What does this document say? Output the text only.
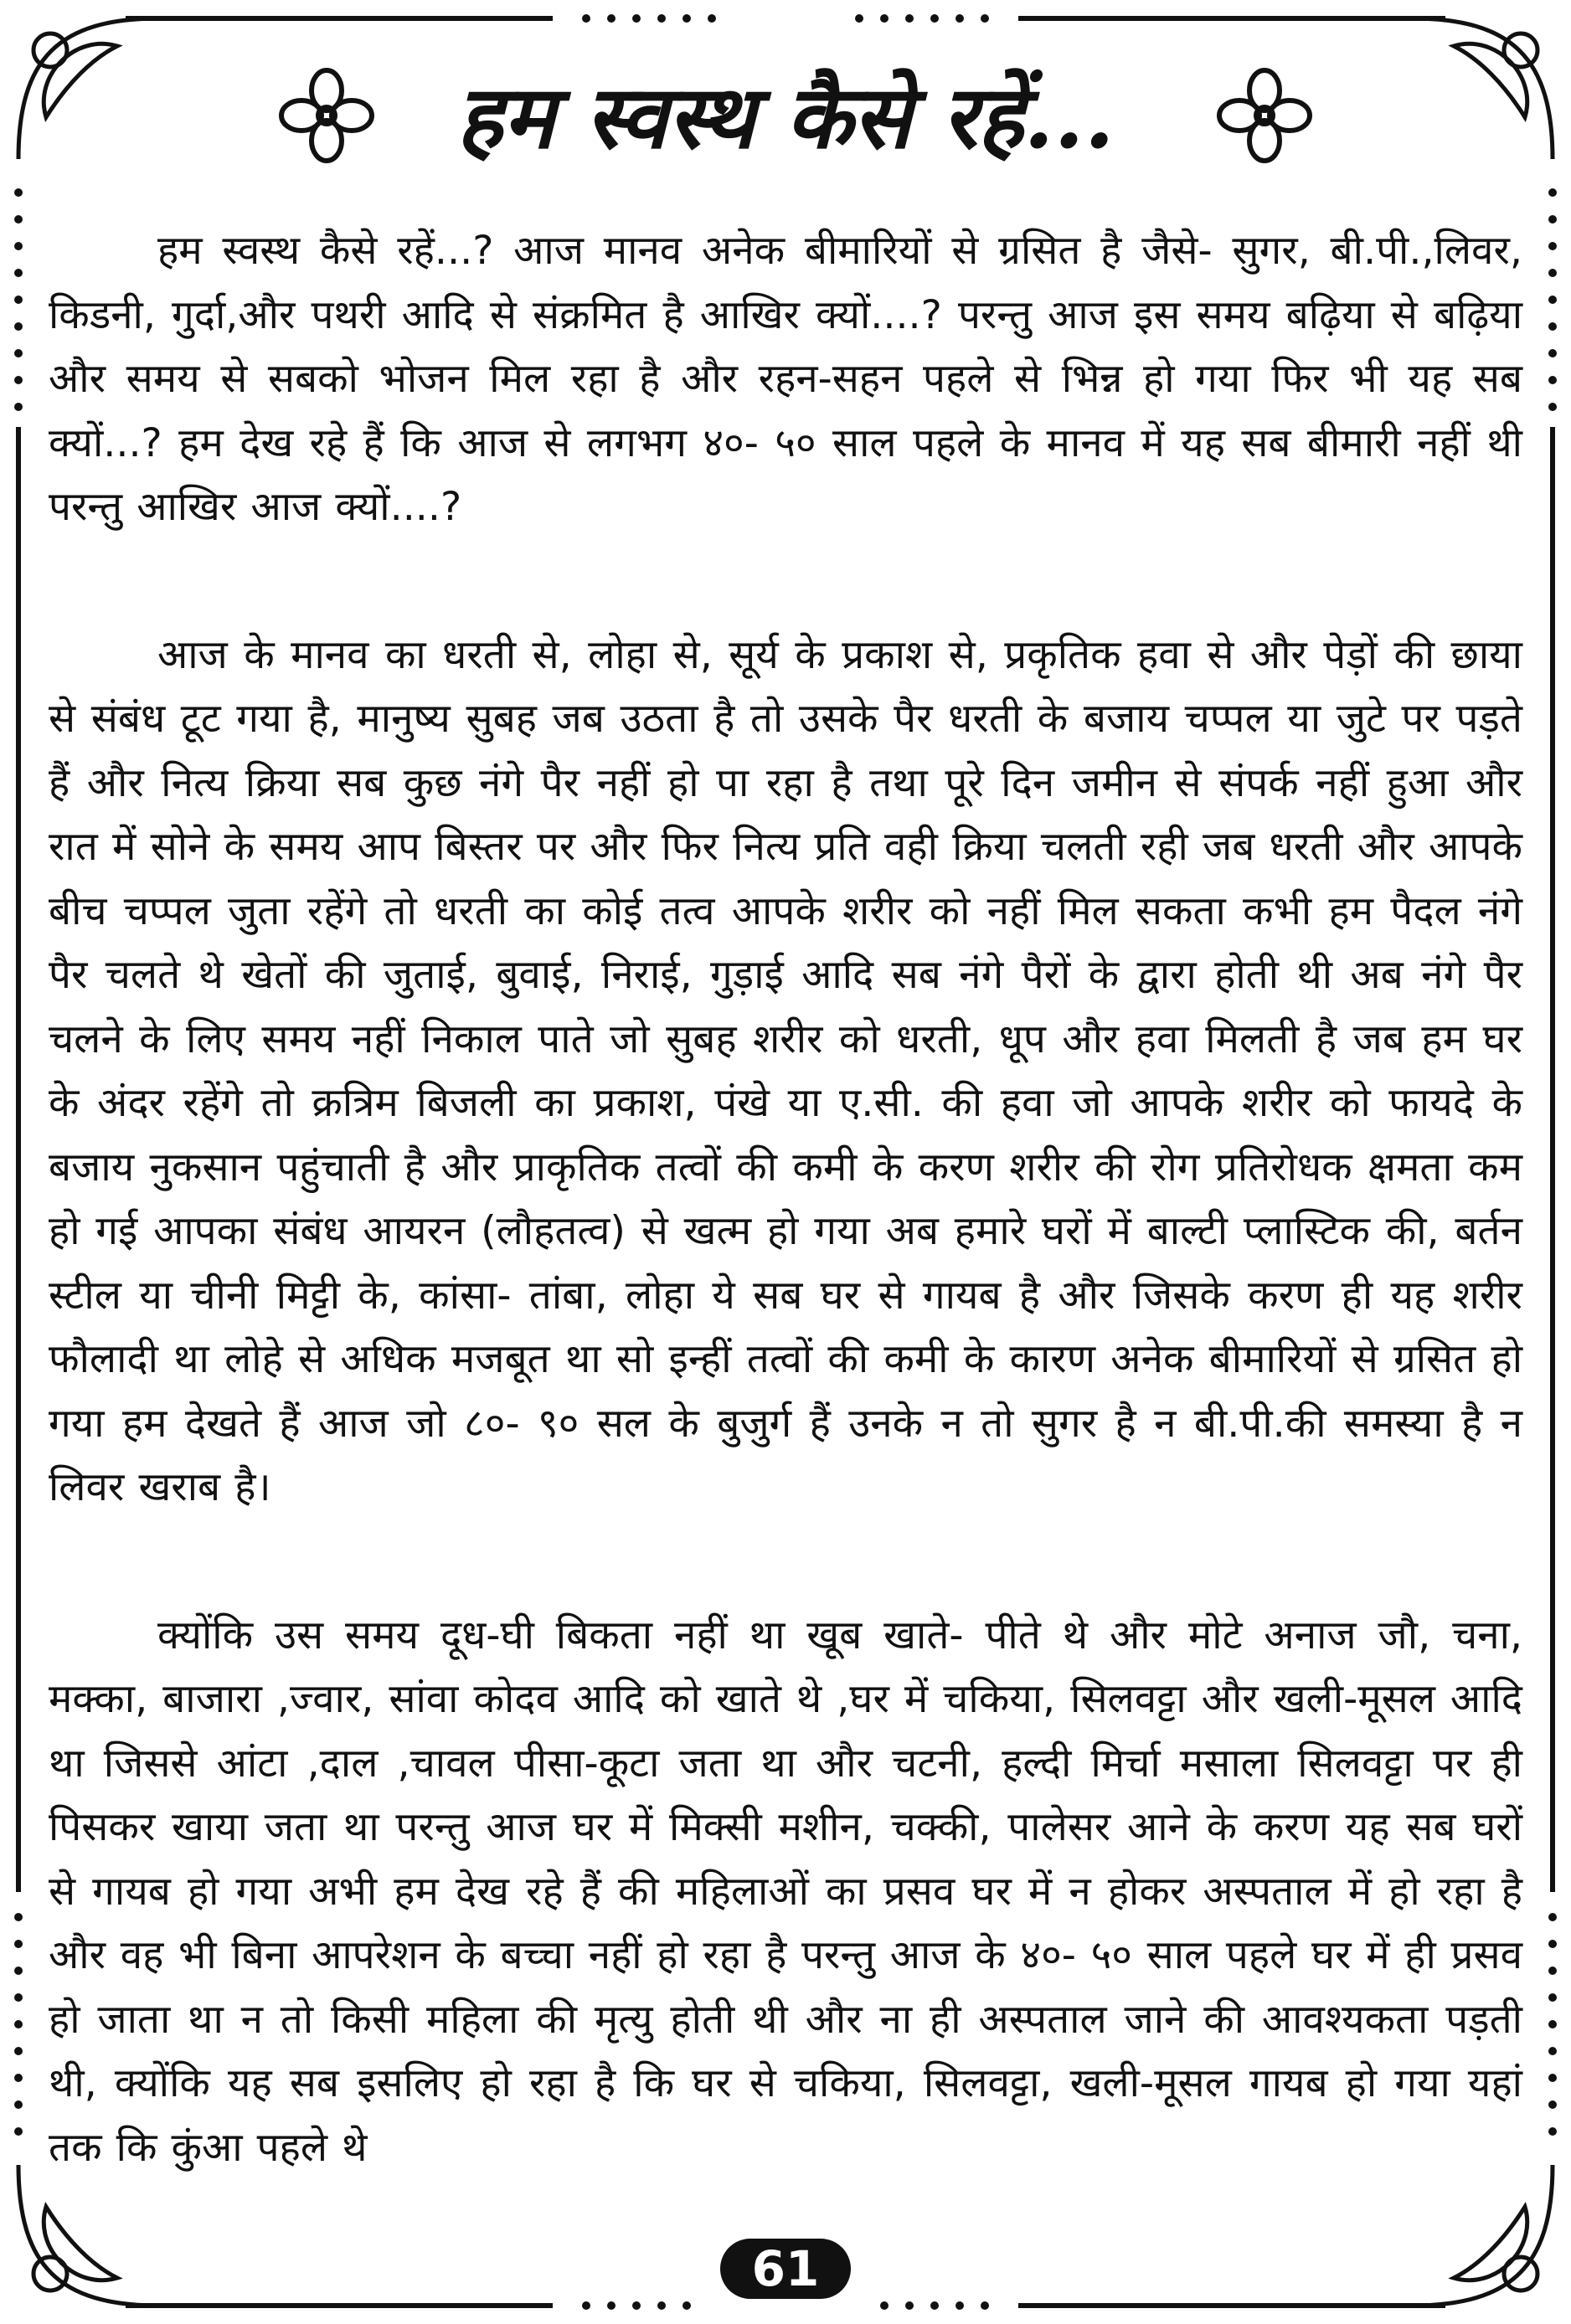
हम स्वस्थ कैसे रहें...

हम स्वस्थ कैसे रहें...? आज मानव अनेक बीमारियों से ग्रसित है जैसे- सुगर, बी.पी.,लिवर, किडनी, गुर्दा,और पथरी आदि से संक्रमित है आखिर क्यों....? परन्तु आज इस समय बढ़िया से बढ़िया और समय से सबको भोजन मिल रहा है और रहन-सहन पहले से भिन्न हो गया फिर भी यह सब क्यों...? हम देख रहे हैं कि आज से लगभग ४०- ५० साल पहले के मानव में यह सब बीमारी नहीं थी परन्तु आखिर आज क्यों....?

आज के मानव का धरती से, लोहा से, सूर्य के प्रकाश से, प्रकृतिक हवा से और पेड़ों की छाया से संबंध टूट गया है, मानुष्य सुबह जब उठता है तो उसके पैर धरती के बजाय चप्पल या जुटे पर पड़ते हैं और नित्य क्रिया सब कुछ नंगे पैर नहीं हो पा रहा है तथा पूरे दिन जमीन से संपर्क नहीं हुआ और रात में सोने के समय आप बिस्तर पर और फिर नित्य प्रति वही क्रिया चलती रही जब धरती और आपके बीच चप्पल जुता रहेंगे तो धरती का कोई तत्व आपके शरीर को नहीं मिल सकता कभी हम पैदल नंगे पैर चलते थे खेतों की जुताई, बुवाई, निराई, गुड़ाई आदि सब नंगे पैरों के द्वारा होती थी अब नंगे पैर चलने के लिए समय नहीं निकाल पाते जो सुबह शरीर को धरती, धूप और हवा मिलती है जब हम घर के अंदर रहेंगे तो क्रत्रिम बिजली का प्रकाश, पंखे या ए.सी. की हवा जो आपके शरीर को फायदे के बजाय नुकसान पहुंचाती है और प्राकृतिक तत्वों की कमी के करण शरीर की रोग प्रतिरोधक क्षमता कम हो गई आपका संबंध आयरन (लौहतत्व) से खत्म हो गया अब हमारे घरों में बाल्टी प्लास्टिक की, बर्तन स्टील या चीनी मिट्टी के, कांसा- तांबा, लोहा ये सब घर से गायब है और जिसके करण ही यह शरीर फौलादी था लोहे से अधिक मजबूत था सो इन्हीं तत्वों की कमी के कारण अनेक बीमारियों से ग्रसित हो गया हम देखते हैं आज जो ८०- ९० सल के बुजुर्ग हैं उनके न तो सुगर है न बी.पी.की समस्या है न लिवर खराब है।

क्योंकि उस समय दूध-घी बिकता नहीं था खूब खाते- पीते थे और मोटे अनाज जौ, चना, मक्का, बाजारा ,ज्वार, सांवा कोदव आदि को खाते थे ,घर में चकिया, सिलवट्टा और खली-मूसल आदि था जिससे आंटा ,दाल ,चावल पीसा-कूटा जता था और चटनी, हल्दी मिर्चा मसाला सिलवट्टा पर ही पिसकर खाया जता था परन्तु आज घर में मिक्सी मशीन, चक्की, पालेसर आने के करण यह सब घरों से गायब हो गया अभी हम देख रहे हैं की महिलाओं का प्रसव घर में न होकर अस्पताल में हो रहा है और वह भी बिना आपरेशन के बच्चा नहीं हो रहा है परन्तु आज के ४०- ५० साल पहले घर में ही प्रसव हो जाता था न तो किसी महिला की मृत्यु होती थी और ना ही अस्पताल जाने की आवश्यकता पड़ती थी, क्योंकि यह सब इसलिए हो रहा है कि घर से चकिया, सिलवट्टा, खली-मूसल गायब हो गया यहां तक कि कुंआ पहले थे

61
